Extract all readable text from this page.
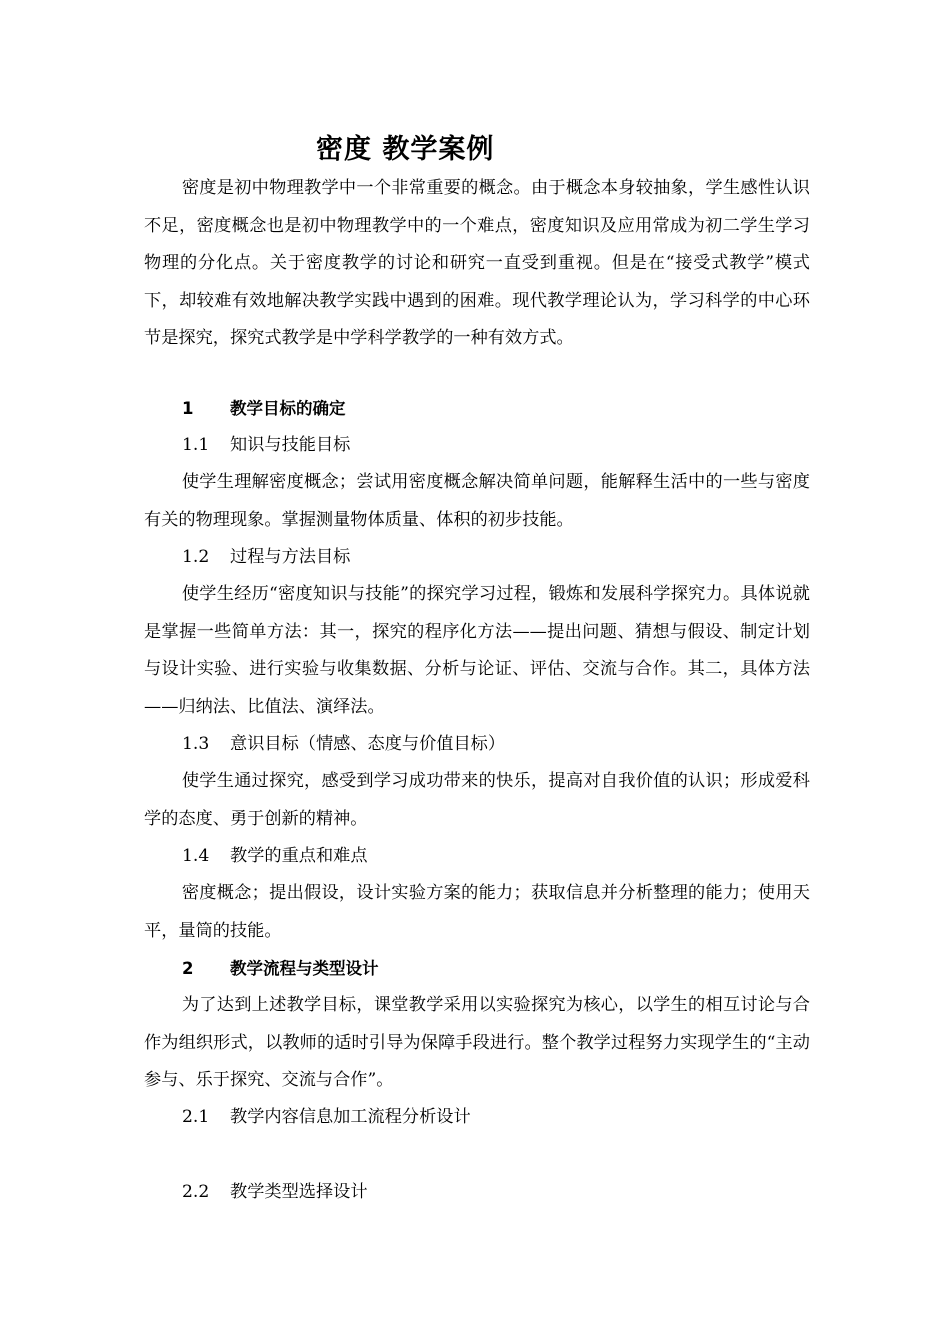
密度 教学案例
密度是初中物理教学中一个非常重要的概念。由于概念本身较抽象，学生感性认识不足，密度概念也是初中物理教学中的一个难点，密度知识及应用常成为初二学生学习物理的分化点。关于密度教学的讨论和研究一直受到重视。但是在“接受式教学”模式下，却较难有效地解决教学实践中遇到的困难。现代教学理论认为，学习科学的中心环节是探究，探究式教学是中学科学教学的一种有效方式。
1 教学目标的确定
1.1 知识与技能目标
使学生理解密度概念；尝试用密度概念解决简单问题，能解释生活中的一些与密度有关的物理现象。掌握测量物体质量、体积的初步技能。
1.2 过程与方法目标
使学生经历“密度知识与技能”的探究学习过程，锻炼和发展科学探究力。具体说就是掌握一些简单方法：其一，探究的程序化方法——提出问题、猜想与假设、制定计划与设计实验、进行实验与收集数据、分析与论证、评估、交流与合作。其二，具体方法——归纳法、比值法、演绎法。
1.3 意识目标（情感、态度与价值目标）
使学生通过探究，感受到学习成功带来的快乐，提高对自我价值的认识；形成爱科学的态度、勇于创新的精神。
1.4 教学的重点和难点
密度概念；提出假设，设计实验方案的能力；获取信息并分析整理的能力；使用天平，量筒的技能。
2 教学流程与类型设计
为了达到上述教学目标，课堂教学采用以实验探究为核心，以学生的相互讨论与合作为组织形式，以教师的适时引导为保障手段进行。整个教学过程努力实现学生的“主动参与、乐于探究、交流与合作”。
2.1 教学内容信息加工流程分析设计
2.2 教学类型选择设计
